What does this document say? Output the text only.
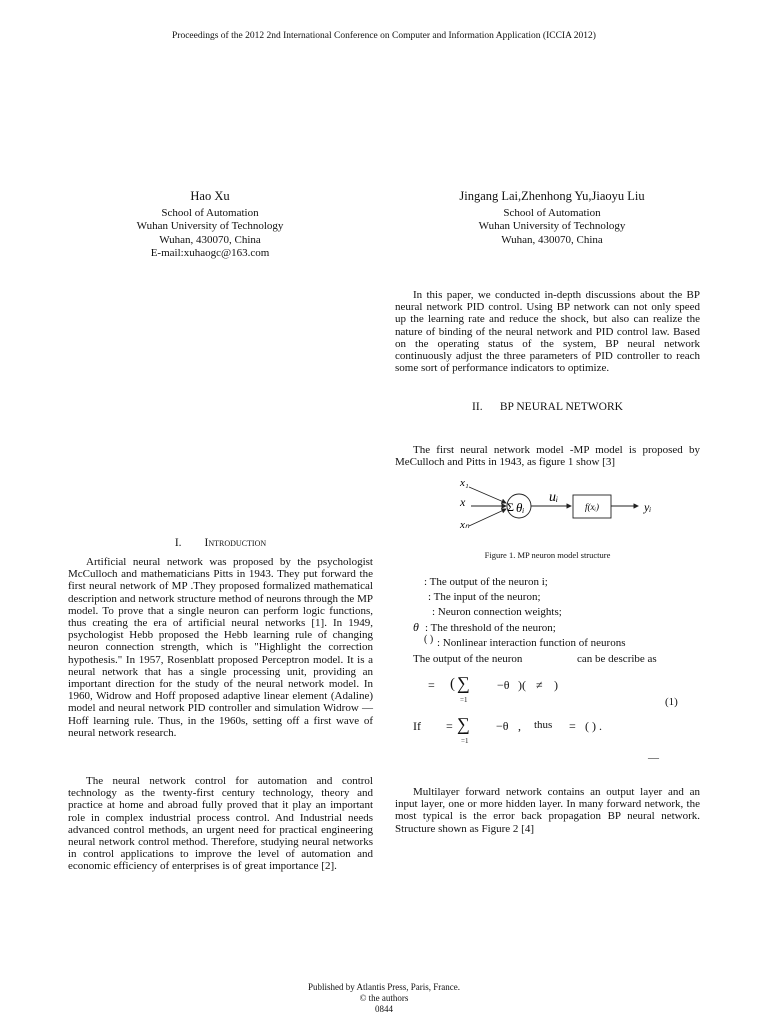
Proceedings of the 2012 2nd International Conference on Computer and Information Application (ICCIA 2012)
Hao Xu
School of Automation
Wuhan University of Technology
Wuhan, 430070, China
E-mail:xuhaogc@163.com
Jingang Lai,Zhenhong Yu,Jiaoyu Liu
School of Automation
Wuhan University of Technology
Wuhan, 430070, China
I. Introduction
Artificial neural network was proposed by the psychologist McCulloch and mathematicians Pitts in 1943. They put forward the first neural network of MP .They proposed formalized mathematical description and network structure method of neurons through the MP model. To prove that a single neuron can perform logic functions, thus creating the era of artificial neural networks [1]. In 1949, psychologist Hebb proposed the Hebb learning rule of changing neuron connection strength, which is "Highlight the correction hypothesis." In 1957, Rosenblatt proposed Perceptron model. It is a neural network that has a single processing unit, providing an important direction for the study of the neural network model. In 1960, Widrow and Hoff proposed adaptive linear element (Adaline) model and neural network PID controller and simulation Widrow — Hoff learning rule. Thus, in the 1960s, setting off a first wave of neural network research.
The neural network control for automation and control technology as the twenty-first century technology, theory and practice at home and abroad fully proved that it play an important role in complex industrial process control. And Industrial needs advanced control methods, an urgent need for practical engineering neural network control method. Therefore, studying neural networks in control applications to improve the level of automation and economic efficiency of enterprises is of great importance [2].
In this paper, we conducted in-depth discussions about the BP neural network PID control. Using BP network can not only speed up the learning rate and reduce the shock, but also can realize the nature of binding of the neural network and PID control law. Based on the operating status of the system, BP neural network continuously adjust the three parameters of PID controller to reach some sort of performance indicators to optimize.
II. BP NEURAL NETWORK
The first neural network model -MP model is proposed by MeCulloch and Pitts in 1943, as figure 1 show [3]
x₁
x
xₙ
Σ θᵢ
uᵢ
f(xᵢ)	yᵢ
Figure 1. MP neuron model structure
: The output of the neuron i;
: The input of the neuron;
: Neuron connection weights;
θ : The threshold of the neuron;
( ) : Nonlinear interaction function of neurons
The output of the neuron	can be describe as
= ( ∑
=1
−θ )( ≠ )
(1)
If = ∑
=1
−θ , thus = ( ) .
—
Multilayer forward network contains an output layer and an input layer, one or more hidden layer. In many forward network, the most typical is the error back propagation BP neural network. Structure shown as Figure 2 [4]
Published by Atlantis Press, Paris, France.
© the authors
0844
